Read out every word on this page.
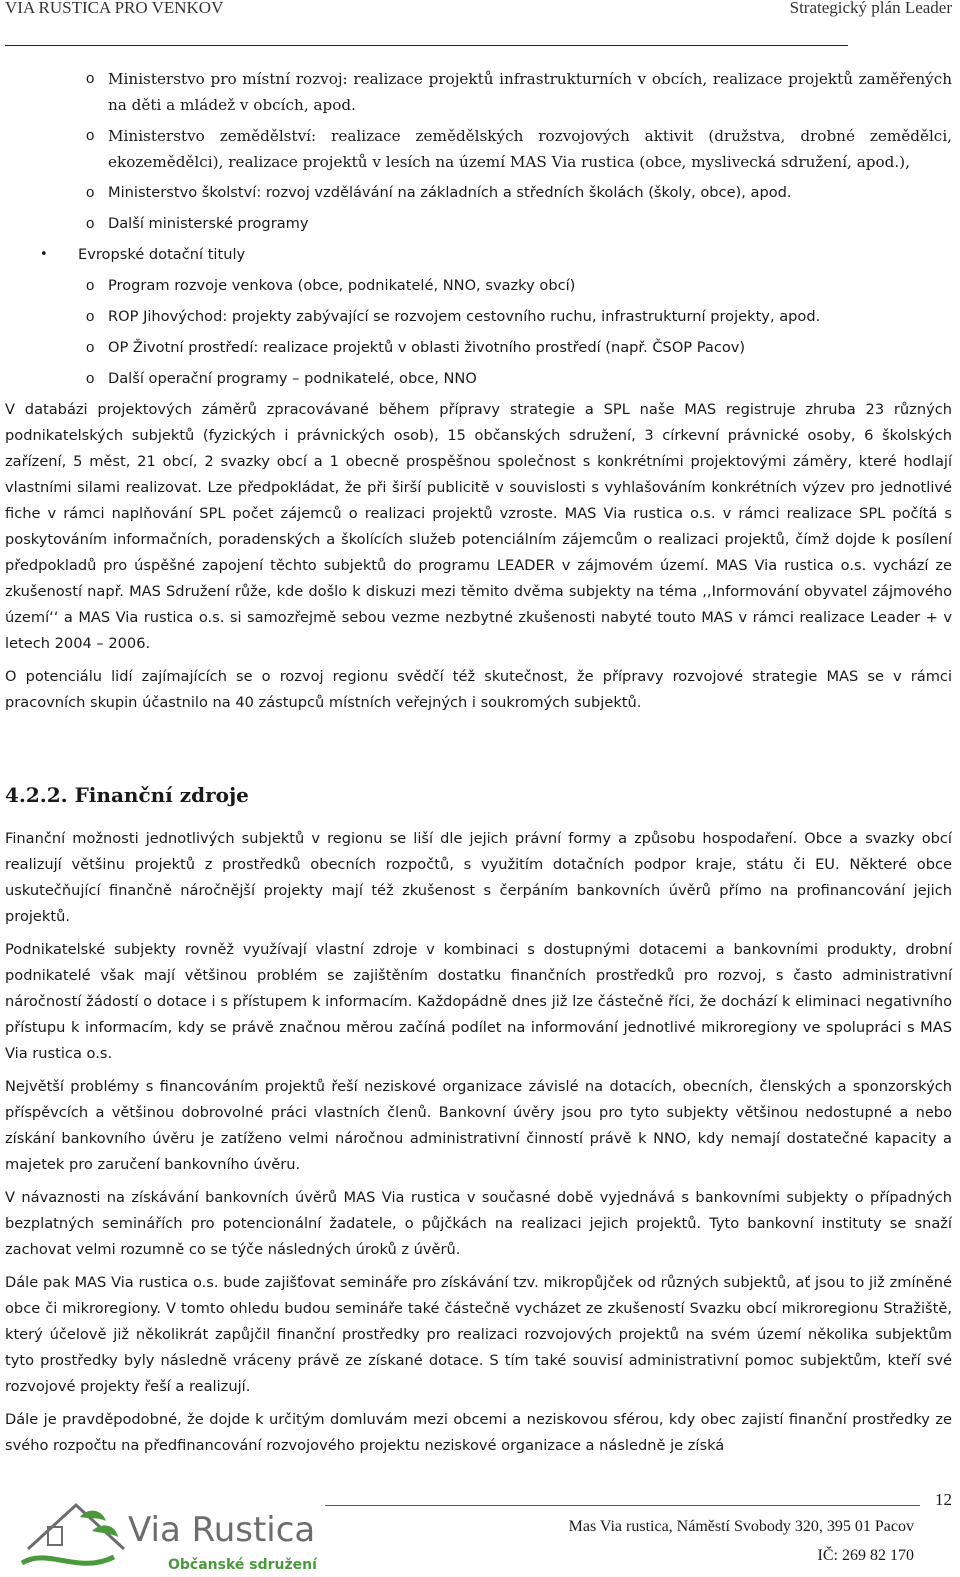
VIA RUSTICA PRO VENKOV	Strategický plán Leader
o Ministerstvo pro místní rozvoj: realizace projektů infrastrukturních v obcích, realizace projektů zaměřených na děti a mládež v obcích, apod.
o Ministerstvo zemědělství: realizace zemědělských rozvojových aktivit (družstva, drobné zemědělci, ekozemědělci), realizace projektů v lesích na území MAS Via rustica (obce, myslivecká sdružení, apod.),
o Ministerstvo školství: rozvoj vzdělávání na základních a středních školách (školy, obce), apod.
o Další ministerské programy
• Evropské dotační tituly
o Program rozvoje venkova (obce, podnikatelé, NNO, svazky obcí)
o ROP Jihovýchod: projekty zabývající se rozvojem cestovního ruchu, infrastrukturní projekty, apod.
o OP Životní prostředí: realizace projektů v oblasti životního prostředí (např. ČSOP Pacov)
o Další operační programy – podnikatelé, obce, NNO

V databázi projektových záměrů zpracovávané během přípravy strategie a SPL naše MAS registruje zhruba 23 různých podnikatelských subjektů (fyzických i právnických osob), 15 občanských sdružení, 3 církevní právnické osoby, 6 školských zařízení, 5 měst, 21 obcí, 2 svazky obcí a 1 obecně prospěšnou společnost s konkrétními projektovými záměry, které hodlají vlastními silami realizovat. Lze předpokládat, že při širší publicitě v souvislosti s vyhlašováním konkrétních výzev pro jednotlivé fiche v rámci naplňování SPL počet zájemců o realizaci projektů vzroste. MAS Via rustica o.s. v rámci realizace SPL počítá s poskytováním informačních, poradenských a školících služeb potenciálním zájemcům o realizaci projektů, čímž dojde k posílení předpokladů pro úspěšné zapojení těchto subjektů do programu LEADER v zájmovém území. MAS Via rustica o.s. vychází ze zkušeností např. MAS Sdružení růže, kde došlo k diskuzi mezi těmito dvěma subjekty na téma ,,Informování obyvatel zájmového území‘‘ a MAS Via rustica o.s. si samozřejmě sebou vezme nezbytné zkušenosti nabyté touto MAS v rámci realizace Leader + v letech 2004 – 2006.

O potenciálu lidí zajímajících se o rozvoj regionu svědčí též skutečnost, že přípravy rozvojové strategie MAS se v rámci pracovních skupin účastnilo na 40 zástupců místních veřejných i soukromých subjektů.

4.2.2. Finanční zdroje

Finanční možnosti jednotlivých subjektů v regionu se liší dle jejich právní formy a způsobu hospodaření. Obce a svazky obcí realizují většinu projektů z prostředků obecních rozpočtů, s využitím dotačních podpor kraje, státu či EU. Některé obce uskutečňující finančně náročnější projekty mají též zkušenost s čerpáním bankovních úvěrů přímo na profinancování jejich projektů.

Podnikatelské subjekty rovněž využívají vlastní zdroje v kombinaci s dostupnými dotacemi a bankovními produkty, drobní podnikatelé však mají většinou problém se zajištěním dostatku finančních prostředků pro rozvoj, s často administrativní náročností žádostí o dotace i s přístupem k informacím. Každopádně dnes již lze částečně říci, že dochází k eliminaci negativního přístupu k informacím, kdy se právě značnou měrou začíná podílet na informování jednotlivé mikroregiony ve spolupráci s MAS Via rustica o.s.

Největší problémy s financováním projektů řeší neziskové organizace závislé na dotacích, obecních, členských a sponzorských příspěvcích a většinou dobrovolné práci vlastních členů. Bankovní úvěry jsou pro tyto subjekty většinou nedostupné a nebo získání bankovního úvěru je zatíženo velmi náročnou administrativní činností právě k NNO, kdy nemají dostatečné kapacity a majetek pro zaručení bankovního úvěru.

V návaznosti na získávání bankovních úvěrů MAS Via rustica v současné době vyjednává s bankovními subjekty o případných bezplatných seminářích pro potencionální žadatele, o půjčkách na realizaci jejich projektů. Tyto bankovní instituty se snaží zachovat velmi rozumně co se týče následných úroků z úvěrů.

Dále pak MAS Via rustica o.s. bude zajišťovat semináře pro získávání tzv. mikropůjček od různých subjektů, ať jsou to již zmíněné obce či mikroregiony. V tomto ohledu budou semináře také částečně vycházet ze zkušeností Svazku obcí mikroregionu Stražiště, který účelově již několikrát zapůjčil finanční prostředky pro realizaci rozvojových projektů na svém území několika subjektům tyto prostředky byly následně vráceny právě ze získané dotace. S tím také souvisí administrativní pomoc subjektům, kteří své rozvojové projekty řeší a realizují.

Dále je pravděpodobné, že dojde k určitým domluvám mezi obcemi a neziskovou sférou, kdy obec zajistí finanční prostředky ze svého rozpočtu na předfinancování rozvojového projektu neziskové organizace a následně je získá

Via Rustica
Občanské sdružení
12
Mas Via rustica, Náměstí Svobody 320, 395 01 Pacov
IČ: 269 82 170
